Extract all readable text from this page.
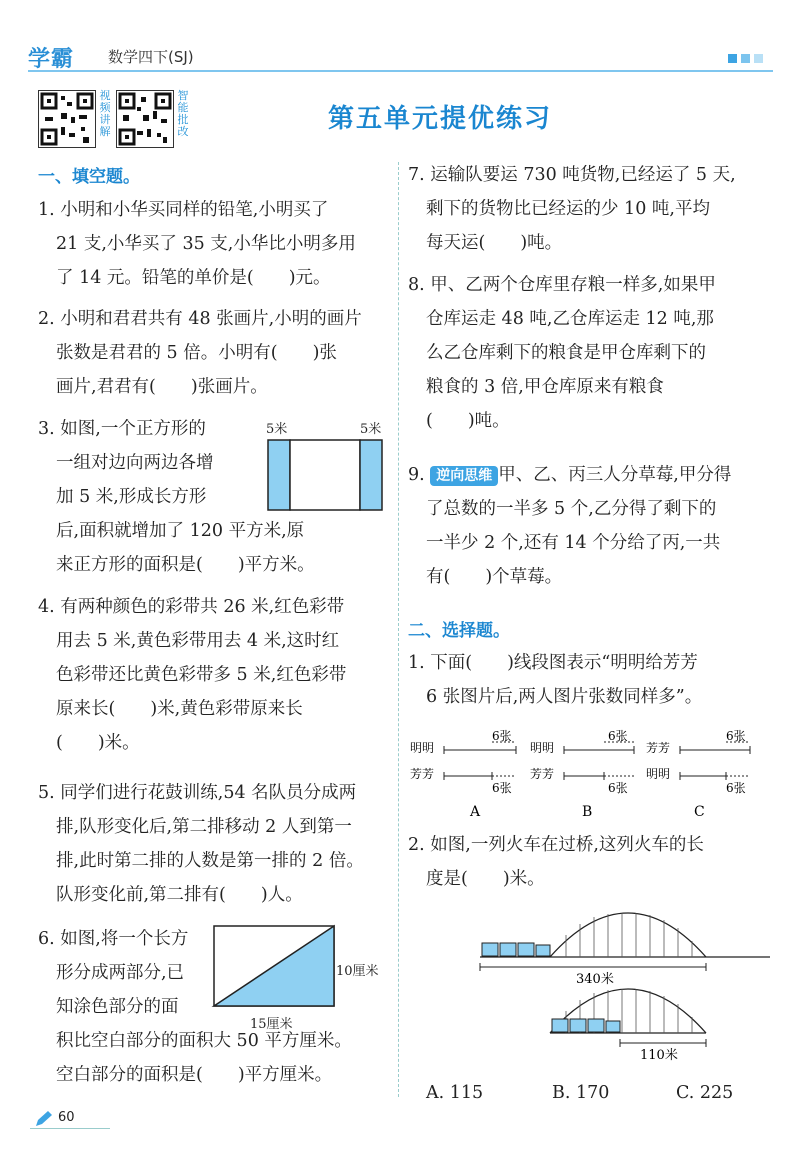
学霸 数学四下(SJ)
视频讲解
智能批改	第五单元提优练习
一、填空题。
1. 小明和小华买同样的铅笔,小明买了
21 支,小华买了 35 支,小华比小明多用
了 14 元。铅笔的单价是(　　)元。
2. 小明和君君共有 48 张画片,小明的画片
张数是君君的 5 倍。小明有(　　)张
画片,君君有(　　)张画片。
3. 如图,一个正方形的
一组对边向两边各增
加 5 米,形成长方形
后,面积就增加了 120 平方米,原
来正方形的面积是(　　)平方米。
5米	5米
4. 有两种颜色的彩带共 26 米,红色彩带
用去 5 米,黄色彩带用去 4 米,这时红
色彩带还比黄色彩带多 5 米,红色彩带
原来长(　　)米,黄色彩带原来长
(　　)米。
5. 同学们进行花鼓训练,54 名队员分成两
排,队形变化后,第二排移动 2 人到第一
排,此时第二排的人数是第一排的 2 倍。
队形变化前,第二排有(　　)人。
6. 如图,将一个长方
形分成两部分,已
知涂色部分的面
积比空白部分的面积大 50 平方厘米。
空白部分的面积是(　　)平方厘米。
10厘米
15厘米
7. 运输队要运 730 吨货物,已经运了 5 天,
剩下的货物比已经运的少 10 吨,平均
每天运(　　)吨。
8. 甲、乙两个仓库里存粮一样多,如果甲
仓库运走 48 吨,乙仓库运走 12 吨,那
么乙仓库剩下的粮食是甲仓库剩下的
粮食的 3 倍,甲仓库原来有粮食
(　　)吨。
9. 逆向思维 甲、乙、丙三人分草莓,甲分得
了总数的一半多 5 个,乙分得了剩下的
一半少 2 个,还有 14 个分给了丙,一共
有(　　)个草莓。
二、选择题。
1. 下面(　　)线段图表示“明明给芳芳
6 张图片后,两人图片张数同样多”。
明明
6张
芳芳
6张
A
明明
6张
芳芳
6张
B
芳芳
6张
明明
6张
C
2. 如图,一列火车在过桥,这列火车的长
度是(　　)米。
340米
110米
A. 115	B. 170	C. 225
60
